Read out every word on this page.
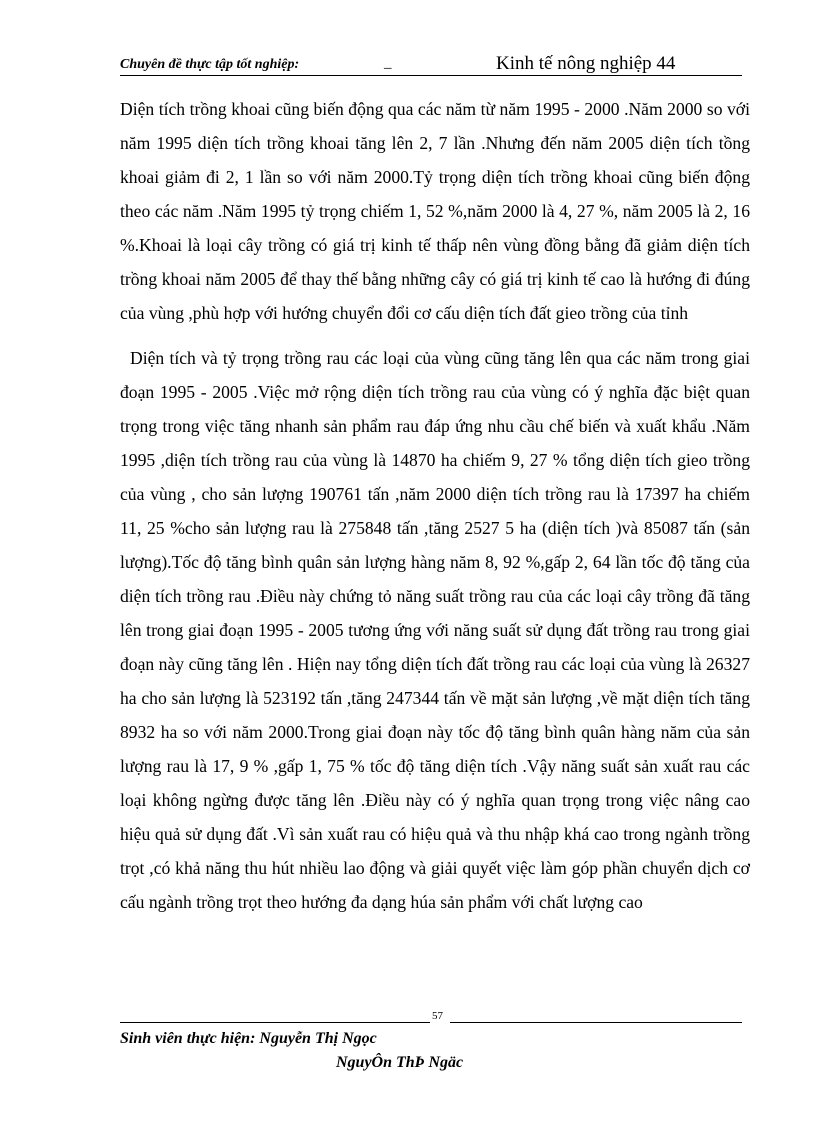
Chuyên đề thực tập tốt nghiệp:	_	Kinh tế nông nghiệp 44

Diện tích trồng khoai cũng biến động qua các năm từ năm 1995 - 2000 .Năm 2000 so với năm 1995 diện tích trồng khoai tăng lên 2, 7 lần .Nhưng đến năm 2005 diện tích tồng khoai giảm đi 2, 1 lần so với năm 2000.Tỷ trọng diện tích trồng khoai cũng biến động theo các năm .Năm 1995 tỷ trọng chiếm 1, 52 %,năm 2000 là 4, 27 %, năm 2005 là 2, 16 %.Khoai là loại cây trồng có giá trị kinh tế thấp nên vùng đồng bằng đã giảm diện tích trồng khoai năm 2005 để thay thế bằng những cây có giá trị kinh tế cao là hướng đi đúng của vùng ,phù hợp với hướng chuyển đổi cơ cấu diện tích đất gieo trồng của tỉnh

Diện tích và tỷ trọng trồng rau các loại của vùng cũng tăng lên qua các năm trong giai đoạn 1995 - 2005 .Việc mở rộng diện tích trồng rau của vùng có ý nghĩa đặc biệt quan trọng trong việc tăng nhanh sản phẩm rau đáp ứng nhu cầu chế biến và xuất khẩu .Năm 1995 ,diện tích trồng rau của vùng là 14870 ha chiếm 9, 27 % tổng diện tích gieo trồng của vùng , cho sản lượng 190761 tấn ,năm 2000 diện tích trồng rau là 17397 ha chiếm 11, 25 %cho sản lượng rau là 275848 tấn ,tăng 2527 5 ha (diện tích )và 85087 tấn (sản lượng).Tốc độ tăng bình quân sản lượng hàng năm 8, 92 %,gấp 2, 64 lần tốc độ tăng của diện tích trồng rau .Điều này chứng tỏ năng suất trồng rau của các loại cây trồng đã tăng lên trong giai đoạn 1995 - 2005 tương ứng với năng suất sử dụng đất trồng rau trong giai đoạn này cũng tăng lên . Hiện nay tổng diện tích đất trồng rau các loại của vùng là 26327 ha cho sản lượng là 523192 tấn ,tăng 247344 tấn về mặt sản lượng ,về mặt diện tích tăng 8932 ha so với năm 2000.Trong giai đoạn này tốc độ tăng bình quân hàng năm của sản lượng rau là 17, 9 % ,gấp 1, 75 % tốc độ tăng diện tích .Vậy năng suất sản xuất rau các loại không ngừng được tăng lên .Điều này có ý nghĩa quan trọng trong việc nâng cao hiệu quả sử dụng đất .Vì sản xuất rau có hiệu quả và thu nhập khá cao trong ngành trồng trọt ,có khả năng thu hút nhiều lao động và giải quyết việc làm góp phần chuyển dịch cơ cấu ngành trồng trọt theo hướng đa dạng húa sản phẩm với chất lượng cao

57
Sinh viên thực hiện: Nguyễn Thị Ngọc
NguyÔn ThÞ Ngäc
